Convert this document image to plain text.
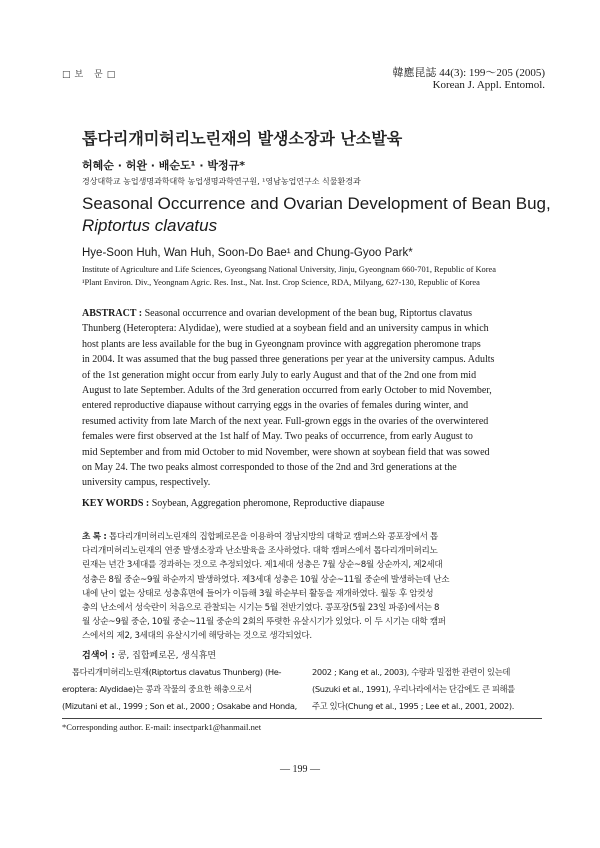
□보 문□	韓應昆誌 44(3): 199～205 (2005)
Korean J. Appl. Entomol.
톱다리개미허리노린재의 발생소장과 난소발육
허혜순 · 허완 · 배순도¹ · 박정규*
경상대학교 농업생명과학대학 농업생명과학연구원, ¹영남농업연구소 식물환경과
Seasonal Occurrence and Ovarian Development of Bean Bug, Riptortus clavatus
Hye-Soon Huh, Wan Huh, Soon-Do Bae¹ and Chung-Gyoo Park*
Institute of Agriculture and Life Sciences, Gyeongsang National University, Jinju, Gyeongnam 660-701, Republic of Korea
¹Plant Environ. Div., Yeongnam Agric. Res. Inst., Nat. Inst. Crop Science, RDA, Milyang, 627-130, Republic of Korea
ABSTRACT : Seasonal occurrence and ovarian development of the bean bug, Riptortus clavatus
Thunberg (Heteroptera: Alydidae), were studied at a soybean field and an university campus in which
host plants are less available for the bug in Gyeongnam province with aggregation pheromone traps
in 2004. It was assumed that the bug passed three generations per year at the university campus. Adults
of the 1st generation might occur from early July to early August and that of the 2nd one from mid
August to late September. Adults of the 3rd generation occurred from early October to mid November,
entered reproductive diapause without carrying eggs in the ovaries of females during winter, and
resumed activity from late March of the next year. Full-grown eggs in the ovaries of the overwintered
females were first observed at the 1st half of May. Two peaks of occurrence, from early August to
mid September and from mid October to mid November, were shown at soybean field that was sowed
on May 24. The two peaks almost corresponded to those of the 2nd and 3rd generations at the
university campus, respectively.
KEY WORDS : Soybean, Aggregation pheromone, Reproductive diapause
초 록 : 톱다리개미허리노린재의 집합페로몬을 이용하여 경남지방의 대학교 캠퍼스와 콩포장에서 톱
다리개미허리노린재의 연중 발생소장과 난소발육을 조사하였다. 대학 캠퍼스에서 톱다리개미허리노
린재는 년간 3세대를 경과하는 것으로 추정되었다. 제1세대 성충은 7월 상순~8월 상순까지, 제2세대
성충은 8월 중순~9월 하순까지 발생하였다. 제3세대 성충은 10월 상순~11월 중순에 발생하는데 난소
내에 난이 없는 상태로 성충휴면에 들어가 이듬해 3월 하순부터 활동을 재개하였다. 월동 후 암컷성
충의 난소에서 성숙란이 처음으로 관찰되는 시기는 5월 전반기였다. 콩포장(5월 23일 파종)에서는 8
월 상순~9월 중순, 10월 중순~11월 중순의 2회의 뚜렷한 유살시기가 있었다. 이 두 시기는 대학 캠퍼
스에서의 제2, 3세대의 유살시기에 해당하는 것으로 생각되었다.
검색어 : 콩, 집합페로몬, 생식휴면
톱다리개미허리노린재(Riptortus clavatus Thunberg) (He-
eroptera: Alydidae)는 콩과 작물의 중요한 해충으로서
(Mizutani et al., 1999 ; Son et al., 2000 ; Osakabe and Honda,
2002 ; Kang et al., 2003), 수량과 밀접한 관련이 있는데
(Suzuki et al., 1991), 우리나라에서는 단감에도 큰 피해를
주고 있다(Chung et al., 1995 ; Lee et al., 2001, 2002).
*Corresponding author. E-mail: insectpark1@hanmail.net
— 199 —
